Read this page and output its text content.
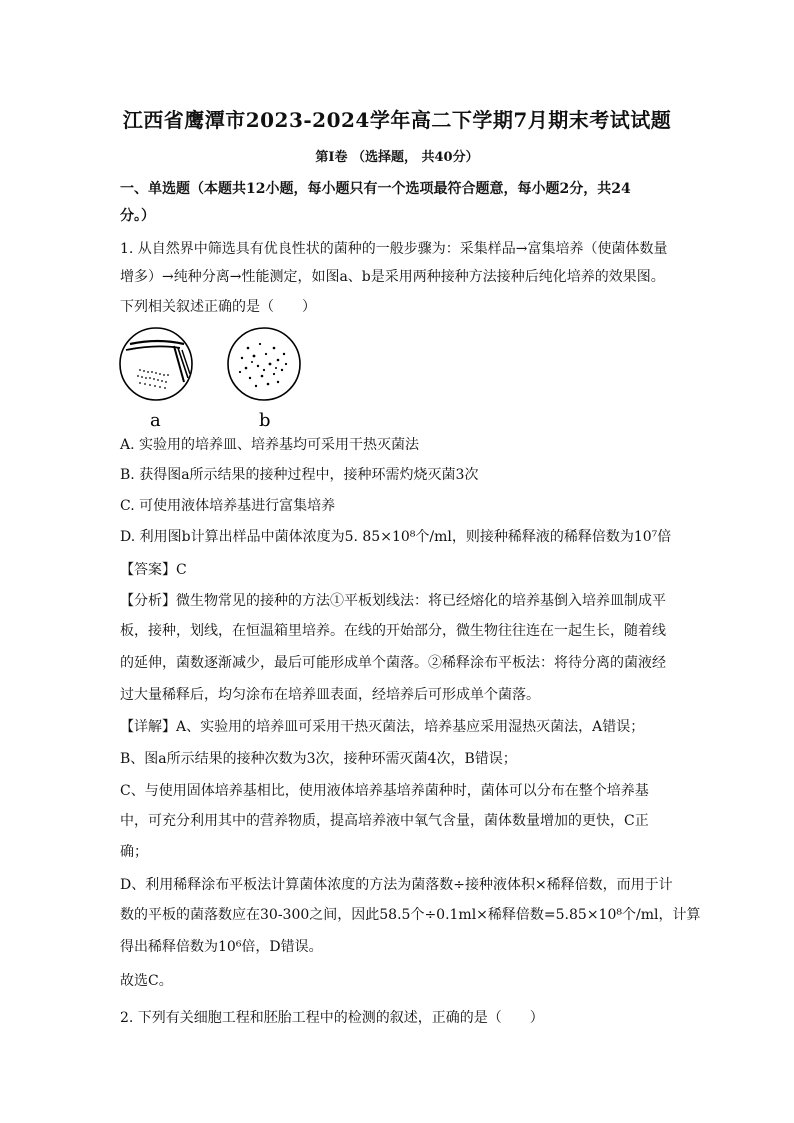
江西省鹰潭市2023-2024学年高二下学期7月期末考试试题
第Ⅰ卷 （选择题， 共40分）
一、单选题（本题共12小题，每小题只有一个选项最符合题意，每小题2分，共24
分。）
1. 从自然界中筛选具有优良性状的菌种的一般步骤为：采集样品→富集培养（使菌体数量
增多）→纯种分离→性能测定，如图a、b是采用两种接种方法接种后纯化培养的效果图。
下列相关叙述正确的是（　　）
a	b
A. 实验用的培养皿、培养基均可采用干热灭菌法
B. 获得图a所示结果的接种过程中，接种环需灼烧灭菌3次
C. 可使用液体培养基进行富集培养
D. 利用图b计算出样品中菌体浓度为5. 85×10⁸个/ml，则接种稀释液的稀释倍数为10⁷倍
【答案】C
【分析】微生物常见的接种的方法①平板划线法：将已经熔化的培养基倒入培养皿制成平
板，接种，划线，在恒温箱里培养。在线的开始部分，微生物往往连在一起生长，随着线
的延伸，菌数逐渐减少，最后可能形成单个菌落。②稀释涂布平板法：将待分离的菌液经
过大量稀释后，均匀涂布在培养皿表面，经培养后可形成单个菌落。
【详解】A、实验用的培养皿可采用干热灭菌法，培养基应采用湿热灭菌法，A错误；
B、图a所示结果的接种次数为3次，接种环需灭菌4次，B错误；
C、与使用固体培养基相比，使用液体培养基培养菌种时，菌体可以分布在整个培养基
中，可充分利用其中的营养物质，提高培养液中氧气含量，菌体数量增加的更快，C正
确；
D、利用稀释涂布平板法计算菌体浓度的方法为菌落数÷接种液体积×稀释倍数，而用于计
数的平板的菌落数应在30-300之间，因此58.5个÷0.1ml×稀释倍数=5.85×10⁸个/ml，计算
得出稀释倍数为10⁶倍，D错误。
故选C。
2. 下列有关细胞工程和胚胎工程中的检测的叙述，正确的是（　　）
